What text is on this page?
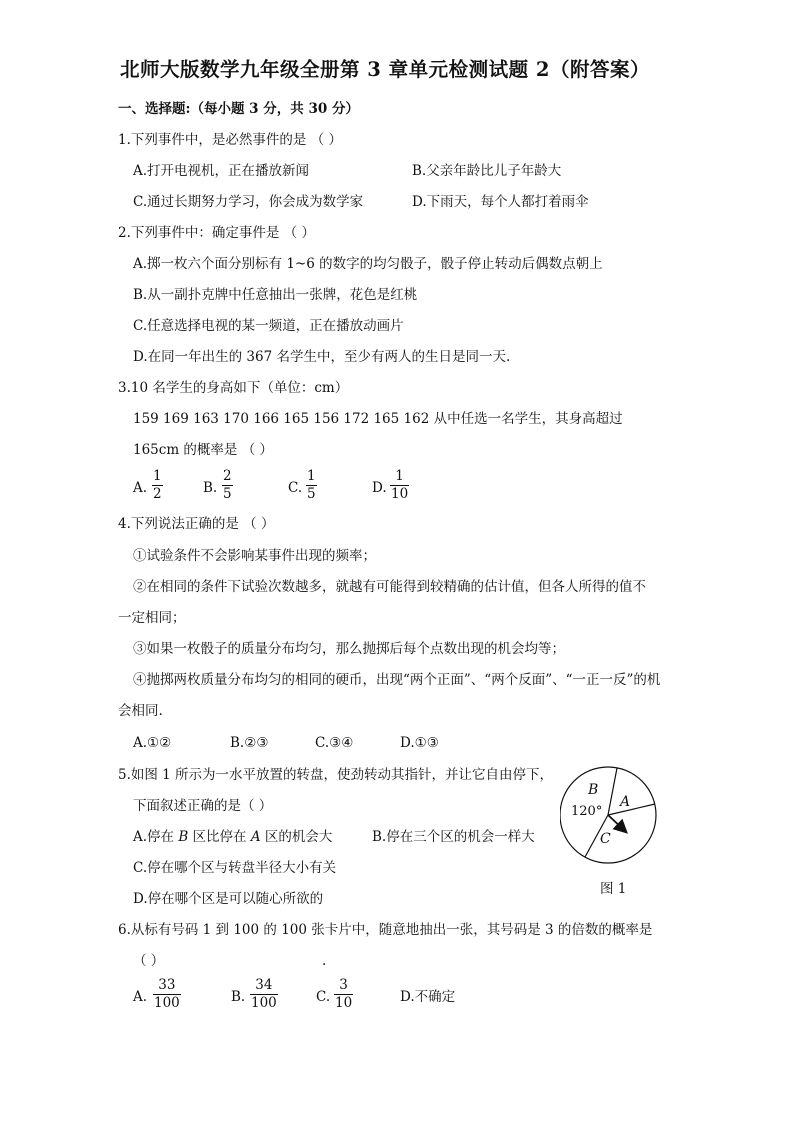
北师大版数学九年级全册第 3 章单元检测试题 2（附答案）
一、选择题:（每小题 3 分，共 30 分）
1.下列事件中，是必然事件的是 （ ）
A.打开电视机，正在播放新闻	B.父亲年龄比儿子年龄大
C.通过长期努力学习，你会成为数学家	D.下雨天，每个人都打着雨伞
2.下列事件中：确定事件是 （ ）
A.掷一枚六个面分别标有 1~6 的数字的均匀骰子，骰子停止转动后偶数点朝上
B.从一副扑克牌中任意抽出一张牌，花色是红桃
C.任意选择电视的某一频道，正在播放动画片
D.在同一年出生的 367 名学生中，至少有两人的生日是同一天.
3.10 名学生的身高如下（单位：cm）
159 169 163 170 166 165 156 172 165 162 从中任选一名学生，其身高超过
165cm 的概率是 （ ）
A. $\frac{1}{2}$	B. $\frac{2}{5}$	C. $\frac{1}{5}$	D. $\frac{1}{10}$
4.下列说法正确的是 （ ）
①试验条件不会影响某事件出现的频率；
②在相同的条件下试验次数越多，就越有可能得到较精确的估计值，但各人所得的值不
一定相同；
③如果一枚骰子的质量分布均匀，那么抛掷后每个点数出现的机会均等；
④抛掷两枚质量分布均匀的相同的硬币，出现“两个正面”、“两个反面”、“一正一反”的机
会相同.
A.①②	B.②③	C.③④	D.①③
5.如图 1 所示为一水平放置的转盘，使劲转动其指针，并让它自由停下，
下面叙述正确的是（ ）
A.停在 B 区比停在 A 区的机会大	B.停在三个区的机会一样大
C.停在哪个区与转盘半径大小有关
D.停在哪个区是可以随心所欲的
B
A
C
120°
图 1
6.从标有号码 1 到 100 的 100 张卡片中，随意地抽出一张，其号码是 3 的倍数的概率是
（ ）	.
A. $\frac{33}{100}$	B. $\frac{34}{100}$	C. $\frac{3}{10}$	D.不确定
